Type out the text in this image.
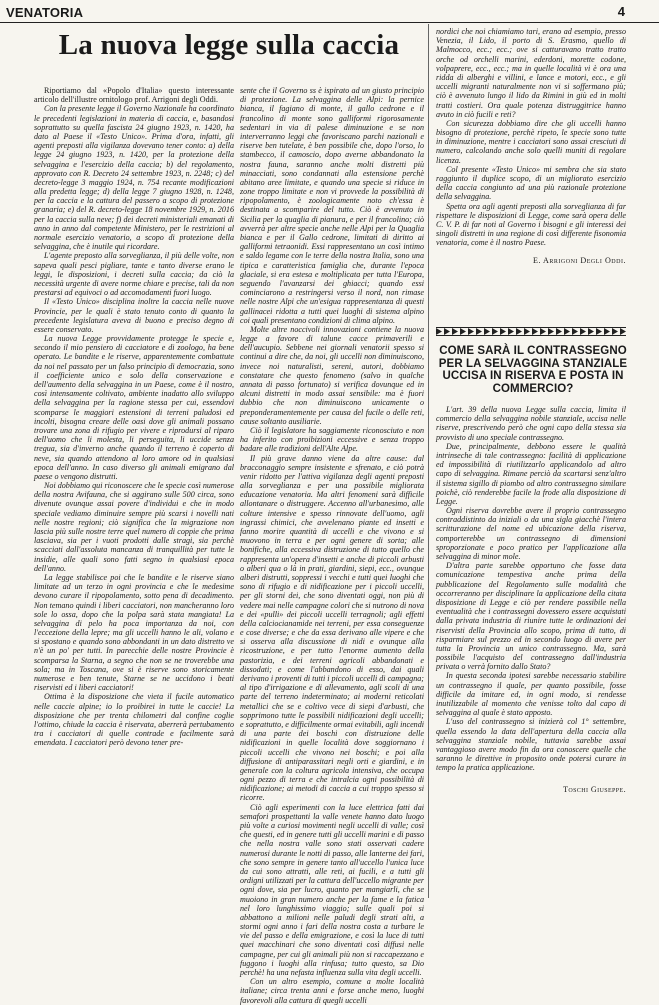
VENATORIA	4
La nuova legge sulla caccia

Riportiamo dal «Popolo d'Italia» questo interessante articolo dell'illustre ornitologo prof. Arrigoni degli Oddi.

Con la presente legge il Governo Nazionale ha coordinato le precedenti legislazioni in materia di caccia, e, basandosi soprattutto su quella fascista 24 giugno 1923, n. 1420, ha dato al Paese il «Testo Unico». Prima d'ora, infatti, gli agenti preposti alla vigilanza dovevano tener conto: a) della legge 24 giugno 1923, n. 1420, per la protezione della selvaggina e l'esercizio della caccia; b) del regolamento, approvato con R. Decreto 24 settembre 1923, n. 2248; c) del decreto-legge 3 maggio 1924, n. 754 recante modificazioni alla predetta legge; d) della legge 7 giugno 1928, n. 1248, per la caccia e la cattura del passero a scopo di protezione granaria; e) del R. decreto-legge 18 novembre 1929, n. 2016 per la caccia sulla neve; f) dei decreti ministeriali emanati di anno in anno dal competente Ministero, per le restrizioni al normale esercizio venatorio, a scopo di protezione della selvaggina, che è inutile qui ricordare.

L'agente preposto alla sorveglianza, il più delle volte, non sapeva quali pesci pigliare, tante e tanto diverse erano le leggi, le disposizioni, i decreti sulla caccia; da ciò la necessità urgente di avere norme chiare e precise, tali da non prestarsi ad equivoci o ad accomodamenti fuori luogo.

Il «Testo Unico» disciplina inoltre la caccia nelle nuove Provincie, per le quali è stato tenuto conto di quanto la precedente legislatura aveva di buono e preciso degno di essere conservato.

La nuova Legge provvidamente protegge le specie e, secondo il mio pensiero di cacciatore e di zoologo, ha bene operato. Le bandite e le riserve, apparentemente combattute da noi nel passato per un falso principio di democrazia, sono il coefficiente unico e solo della conservazione e dell'aumento della selvaggina in un Paese, come è il nostro, così intensamente coltivato, ambiente inadatto allo sviluppo della selvaggina per la ragione stessa per cui, essendovi scomparse le maggiori estensioni di terreni paludosi ed incolti, bisogna creare delle oasi dove gli animali possano trovare una zona di rifugio per vivere e riprodursi al riparo dell'uomo che li molesta, li perseguita, li uccide senza tregua, sia d'inverno anche quando il terreno è coperto di neve, sia quando attendono al loro amore od in qualsiasi epoca dell'anno. In caso diverso gli animali emigrano dal paese o vengono distrutti.

Noi dobbiamo qui riconoscere che le specie così numerose della nostra Avifauna, che si aggirano sulle 500 circa, sono divenute ovunque assai povere d'individui e che in modo speciale vediamo diminuire sempre più scarsi i novelli nati nelle nostre regioni; ciò significa che la migrazione non lascia più sulle nostre terre quel numero di coppie che prima lasciava, sia per i vuoti prodotti dalle stragi, sia perchè scacciati dall'assoluta mancanza di tranquillità per tutte le insidie, alle quali sono fatti segno in qualsiasi epoca dell'anno.

La legge stabilisce poi che le bandite e le riserve siano limitate ad un terzo in ogni provincia e che le medesime devono curare il ripopolamento, sotto pena di decadimento. Non temano quindi i liberi cacciatori, non mancheranno loro sole lo ossa, dopo che la polpa sarà stata mangiata! La selvaggina di pelo ha poca importanza da noi, con l'eccezione della lepre; ma gli uccelli hanno le ali, volano e si spostano e quando sono abbondanti in un dato distretto ve n'è un po' per tutti. In parecchie delle nostre Provincie è scomparsa la Starna, a segno che non se ne troverebbe una sola; ma in Toscana, ove si è riserve sono storicamente numerose e ben tenute, Starne se ne uccidono i beati riservisti ed i liberi cacciatori!

Ottima è la disposizione che vieta il fucile automatico nelle caccie alpine; io lo proibirei in tutte le caccie! La disposizione che per trenta chilometri dal confine coglie l'ottimo, chiude la caccia è riservata, aberrerà pertubamento tra i cacciatori di quelle contrade e facilmente sarà emendata. I cacciatori però devono tener pre-

sente che il Governo ss è ispirato ad un giusto principio di protezione. La selvaggina delle Alpi: la pernice bianca, il fagiano di monte, il gallo cedrone e il francolino di monte sono galliformi rigorosamente sedentari in via di palese diminuzione e se non interverranno leggi che favoriscano parchi nazionali e riserve ben tutelate, è ben possibile che, dopo l'orso, lo stambecco, il camoscio, dopo averne abbandonato la nostra fauna, saranno anche molti distretti più minacciati, sono condannati alla estensione perchè abitano aree limitate, e quando una specie si riduce in zone troppo limitate e non vi provvede la possibilità di ripopolamento, è zoologicamente noto ch'essa è destinata a scomparire del tutto. Ciò è avvenuto in Sicilia per la quaglia di pianura, e per il francolino; ciò avverrà per altre specie anche nelle Alpi per la Quaglia bianca e per il Gallo cedrone, limitati di diritto ai galliformi tetraonidi. Essi rappresentano un così intimo e saldo legame con le terre della nostra Italia, sono una tipica e caratteristica famiglia che, durante l'epoca glaciale, si era estesa e moltiplicata per tutta l'Europa, seguendo l'avanzarsi dei ghiacci; quando essi cominciarono a restringersi verso il nord, non rimase nelle nostre Alpi che un'esigua rappresentanza di questi gallinacei ridotta a tutti quei luoghi di sistema alpino coi quali presentano condizioni di clima alpino.

Molte altre noccivoli innovazioni contiene la nuova legge a favore di talune cacce primaverili e dell'aucupio. Sebbene nei giornali venatorii spesso si continui a dire che, da noi, gli uccelli non diminuiscono, invece noi naturalisti, sereni, autori, dobbiamo constatare che questo fenomeno (salvo in qualche annata di passo fortunato) si verifica dovunque ed in alcuni distretti in modo assai sensibile: ma è fuori dubbio che non diminuiscono unicamente o preponderamentemente per causa del fucile o delle reti, cause soltanto ausiliarie.

Ciò il legislatore ha saggiamente riconosciuto e non ha inferito con proibizioni eccessive e senza troppo badare alle tradizioni dell'Alte Alpe.

Il più grave danno viene da altre cause: dal bracconaggio sempre insistente e sfrenato, e ciò potrà venir ridotto per l'attiva vigilanza degli agenti preposti alla sorveglianza e per una possibile migliorata educazione venatoria. Ma altri fenomeni sarà difficile allontanare o distruggere. Accenno all'urbanesimo, alle colture intensive e spesso rinnovate dell'uomo, agli ingrassi chimici, che avvelenano piante ed insetti e fanno morire quantità di uccelli e che vivono e si muovono in terra e per ogni genere di sorta; alle bonifiche, alla eccessiva distruzione di tutto quello che rappresenta un'opera d'insetti e anche di piccoli arbusti o alberi qua o là in prati, giardini, siepi, ecc., ovunque alberi distrutti, soppressi i vecchi e tutti quei luoghi che sono di rifugio e di nidificazione per i piccoli uccelli, per gli storni dei, che sono diventati oggi, non più di vedere mai nelle campagne colori che si nutrono di nova e dei «pulli» dei piccoli uccelli terragnoli; agli effetti della calciocianamide nei terreni, per essa conseguenze e cose diverse; e che da essa derivano alle vipere e che si osserva alla discussione di nidi e ovunque alla ricostruzione, e per tutto l'enorme aumento della pastorizia, e dei terreni agricoli abbandonati e dissodati; e come l'abbandono di esso, dai quali derivano i proventi di tutti i piccoli uccelli di campagna; al tipo d'irrigazione e di allevamento, agli scoli di una parte del terreno indeterminato; ai moderni reticolati metallici che se e coltivo vece di siepi d'arbusti, che sopprimono tutte le possibili nidificazioni degli uccelli; e soprattutto, e difficilmente ormai evitabili, agli incendi di una parte dei boschi con distruzione delle nidificazioni in quelle località dove soggiornano i piccoli uccelli che vivono nei boschi; e poi alla diffusione di antiparassitari negli orti e giardini, e in generale con la coltura agricola intensiva, che occupa ogni pezzo di terra e che intralcia ogni possibilità di nidificazione; ai metodi di caccia a cui troppo spesso si ricorre.

Ciò agli esperimenti con la luce elettrica fatti dai semafori prospettanti la valle venete hanno dato luogo più volte a curiosi movimenti negli uccelli di valle; così che questi, ed in genere tutti gli uccelli marini e di passo che nella nostra valle sono stati osservati cadere numerosi durante le notti di passo, alle lanterne dei fari, che sono sempre in genere tanto all'uccello l'unica luce da cui sono attratti, alle reti, ai fucili, e a tutti gli ordigni utilizzati per la cattura dell'uccello migrante per ogni dove, sia per lucro, quanto per mangiarli, che se muoiono in gran numero anche per la fame e la fatica nel loro lunghissimo viaggio; sulle quali poi si abbattono a milioni nelle paludi degli strati alti, a stormi ogni anno i fari della nostra costa a turbare le vie del passo e della emigrazione, e così la luce di tutti quei macchinari che sono diventati così diffusi nelle campagne, per cui gli animali più non si raccapezzano e fuggono i luoghi alla rinfusa; tutto questo, sa Dio perchè! ha una nefasta influenza sulla vita degli uccelli.

Con un altro esempio, comune a molte località italiane; circa trenta anni e forse anche meno, luoghi favorevoli alla cattura di quegli uccelli

nordici che noi chiamiamo tari, erano ad esempio, presso Venezia, il Lido, il porto di S. Erasmo, quello di Malmocco, ecc.; ecc.; ove si catturavano tratto tratto orche od orchelli marini, ederdoni, morette codone, volpaprere, ecc., ecc.; ma in quelle località vi è ora una ridda di alberghi e villini, e lance e motori, ecc., e gli uccelli migranti naturalmente non vi si soffermano più; ciò è avvenuto lungo il lido da Rimini in giù ed in molti tratti costieri. Ora quale potenza distruggitrice hanno avuto in ciò fucili e reti?

Con sicurezza dobbiamo dire che gli uccelli hanno bisogno di protezione, perchè ripeto, le specie sono tutte in diminuzione, mentre i cacciatori sono assai cresciuti di numero, calcolando anche solo quelli muniti di regolare licenza.

Col presente «Testo Unico» mi sembra che sia stato raggiunto il duplice scopo, di un migliorato esercizio della caccia congiunto ad una più razionale protezione della selvaggina.

Spetta ora agli agenti preposti alla sorveglianza di far rispettare le disposizioni di Legge, come sarà opera delle C. V. P. di far noti al Governo i bisogni e gli interessi dei singoli distretti in una regione di così differente fisonomia venatoria, come è il nostro Paese.

E. Arrigoni Degli Oddi.
COME SARÀ IL CONTRASSEGNO PER LA SELVAGGINA STANZIALE UCCISA IN RISERVA E POSTA IN COMMERCIO?

L'art. 39 della nuova Legge sulla caccia, limita il commercio della selvaggina nobile stanziale, uccisa nelle riserve, prescrivendo però che ogni capo della stessa sia provvisto di uno speciale contrassegno.

Due, principalmente, debbono essere le qualità intrinseche di tale contrassegno: facilità di applicazione ed impossibilità di riutilizzarlo applicandolo ad altro capo di selvaggina. Rimane perciò da scartarsi senz'altro il sistema sigillo di piombo od altro contrassegno similare poichè, ciò renderebbe facile la frode alla disposizione di Legge.

Ogni riserva dovrebbe avere il proprio contrassegno contraddistinto da iniziali o da una sigla giacchè l'intera scritturazione del nome ed ubicazione della riserva, comporterebbe un contrassegno di dimensioni sproporzionate e poco pratico per l'applicazione alla selvaggina di minor mole.

D'altra parte sarebbe opportuno che fosse data comunicazione tempestiva anche prima della pubblicazione del Regolamento sulle modalità che occorreranno per disciplinare la applicazione della citata disposizione di Legge e ciò per rendere possibile nella eventualità che i contrassegni dovessero essere acquistati dalla privata industria di riunire tutte le ordinazioni dei riservisti della Provincia allo scopo, prima di tutto, di risparmiare sul prezzo ed in secondo luogo di avere per tutta la Provincia un unico contrassegno. Ma, sarà possibile l'acquisto del contrassegno dall'industria privata o verrà fornito dallo Stato?

In questa seconda ipotesi sarebbe necessario stabilire un contrassegno il quale, per quanto possibile, fosse difficile da imitare ed, in ogni modo, si rendesse inutilizzabile al momento che venisse tolto dal capo di selvaggina al quale è stato apposto.

L'uso del contrassegno si inizierà col 1° settembre, quella essendo la data dell'apertura della caccia alla selvaggina stanziale nobile, tuttavia sarebbe assai vantaggioso avere modo fin da ora conoscere quelle che saranno le direttive in proposito onde potersi curare in tempo la pratica applicazione.

Toschi Giuseppe.
